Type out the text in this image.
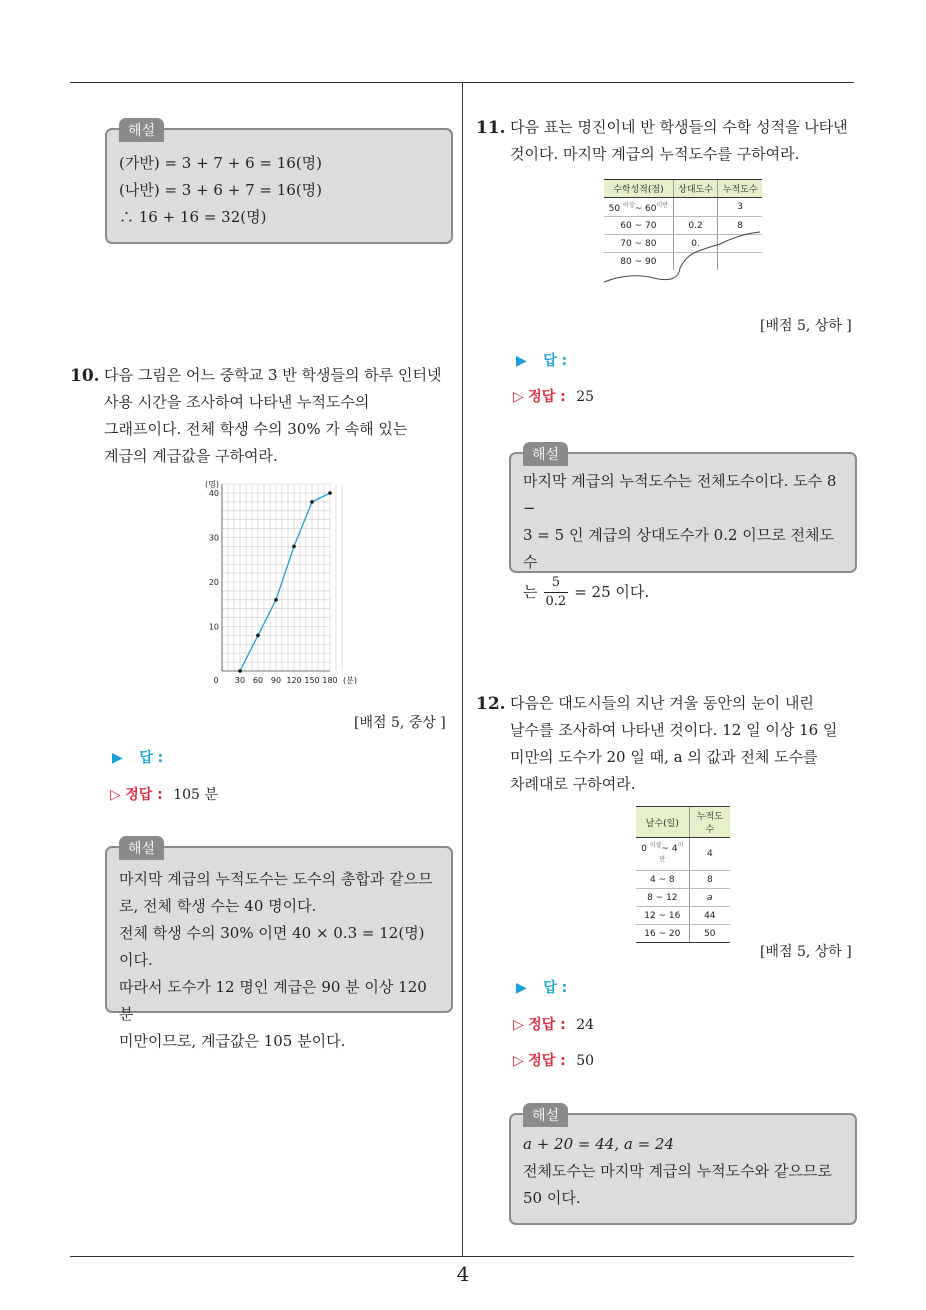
해설
(가반) = 3 + 7 + 6 = 16(명)
(나반) = 3 + 6 + 7 = 16(명)
∴ 16 + 16 = 32(명)
10. 다음 그림은 어느 중학교 3 반 학생들의 하루 인터넷
사용 시간을 조사하여 나타낸 누적도수의
그래프이다. 전체 학생 수의 30% 가 속해 있는
계급의 계급값을 구하여라.
0 30 60 90 120 150 180 (분)
10
20
30
40
(명)
[배점 5, 중상 ]
▶ 답 :
▷ 정답 : 105 분
해설
마지막 계급의 누적도수는 도수의 총합과 같으므
로, 전체 학생 수는 40 명이다.
전체 학생 수의 30% 이면 40 × 0.3 = 12(명) 이다.
따라서 도수가 12 명인 계급은 90 분 이상 120 분
미만이므로, 계급값은 105 분이다.
11. 다음 표는 명진이네 반 학생들의 수학 성적을 나타낸
것이다. 마지막 계급의 누적도수를 구하여라.
수학성적(점)	상대도수	누적도수
50 $^{이상}$~ $60^{미만}$		3
60 ~ 70	0.2	8
70 ~ 80	0.	
80 ~ 90		
[배점 5, 상하 ]
▶ 답 :
▷ 정답 : 25
해설
마지막 계급의 누적도수는 전체도수이다. 도수 8 −
3 = 5 인 계급의 상대도수가 0.2 이므로 전체도수
는 $\frac{5}{0.2} = 25$ 이다.
12. 다음은 대도시들의 지난 겨울 동안의 눈이 내린
날수를 조사하여 나타낸 것이다. 12 일 이상 16 일
미만의 도수가 20 일 때, a 의 값과 전체 도수를
차례대로 구하여라.
날수(일)	누적도수
0 $^{이상}$~ $4^{미만}$	4
4 ~ 8	8
8 ~ 12	a
12 ~ 16	44
16 ~ 20	50
[배점 5, 상하 ]
▶ 답 :
▷ 정답 : 24
▷ 정답 : 50
해설
a + 20 = 44, a = 24
전체도수는 마지막 계급의 누적도수와 같으므로
50 이다.
4
